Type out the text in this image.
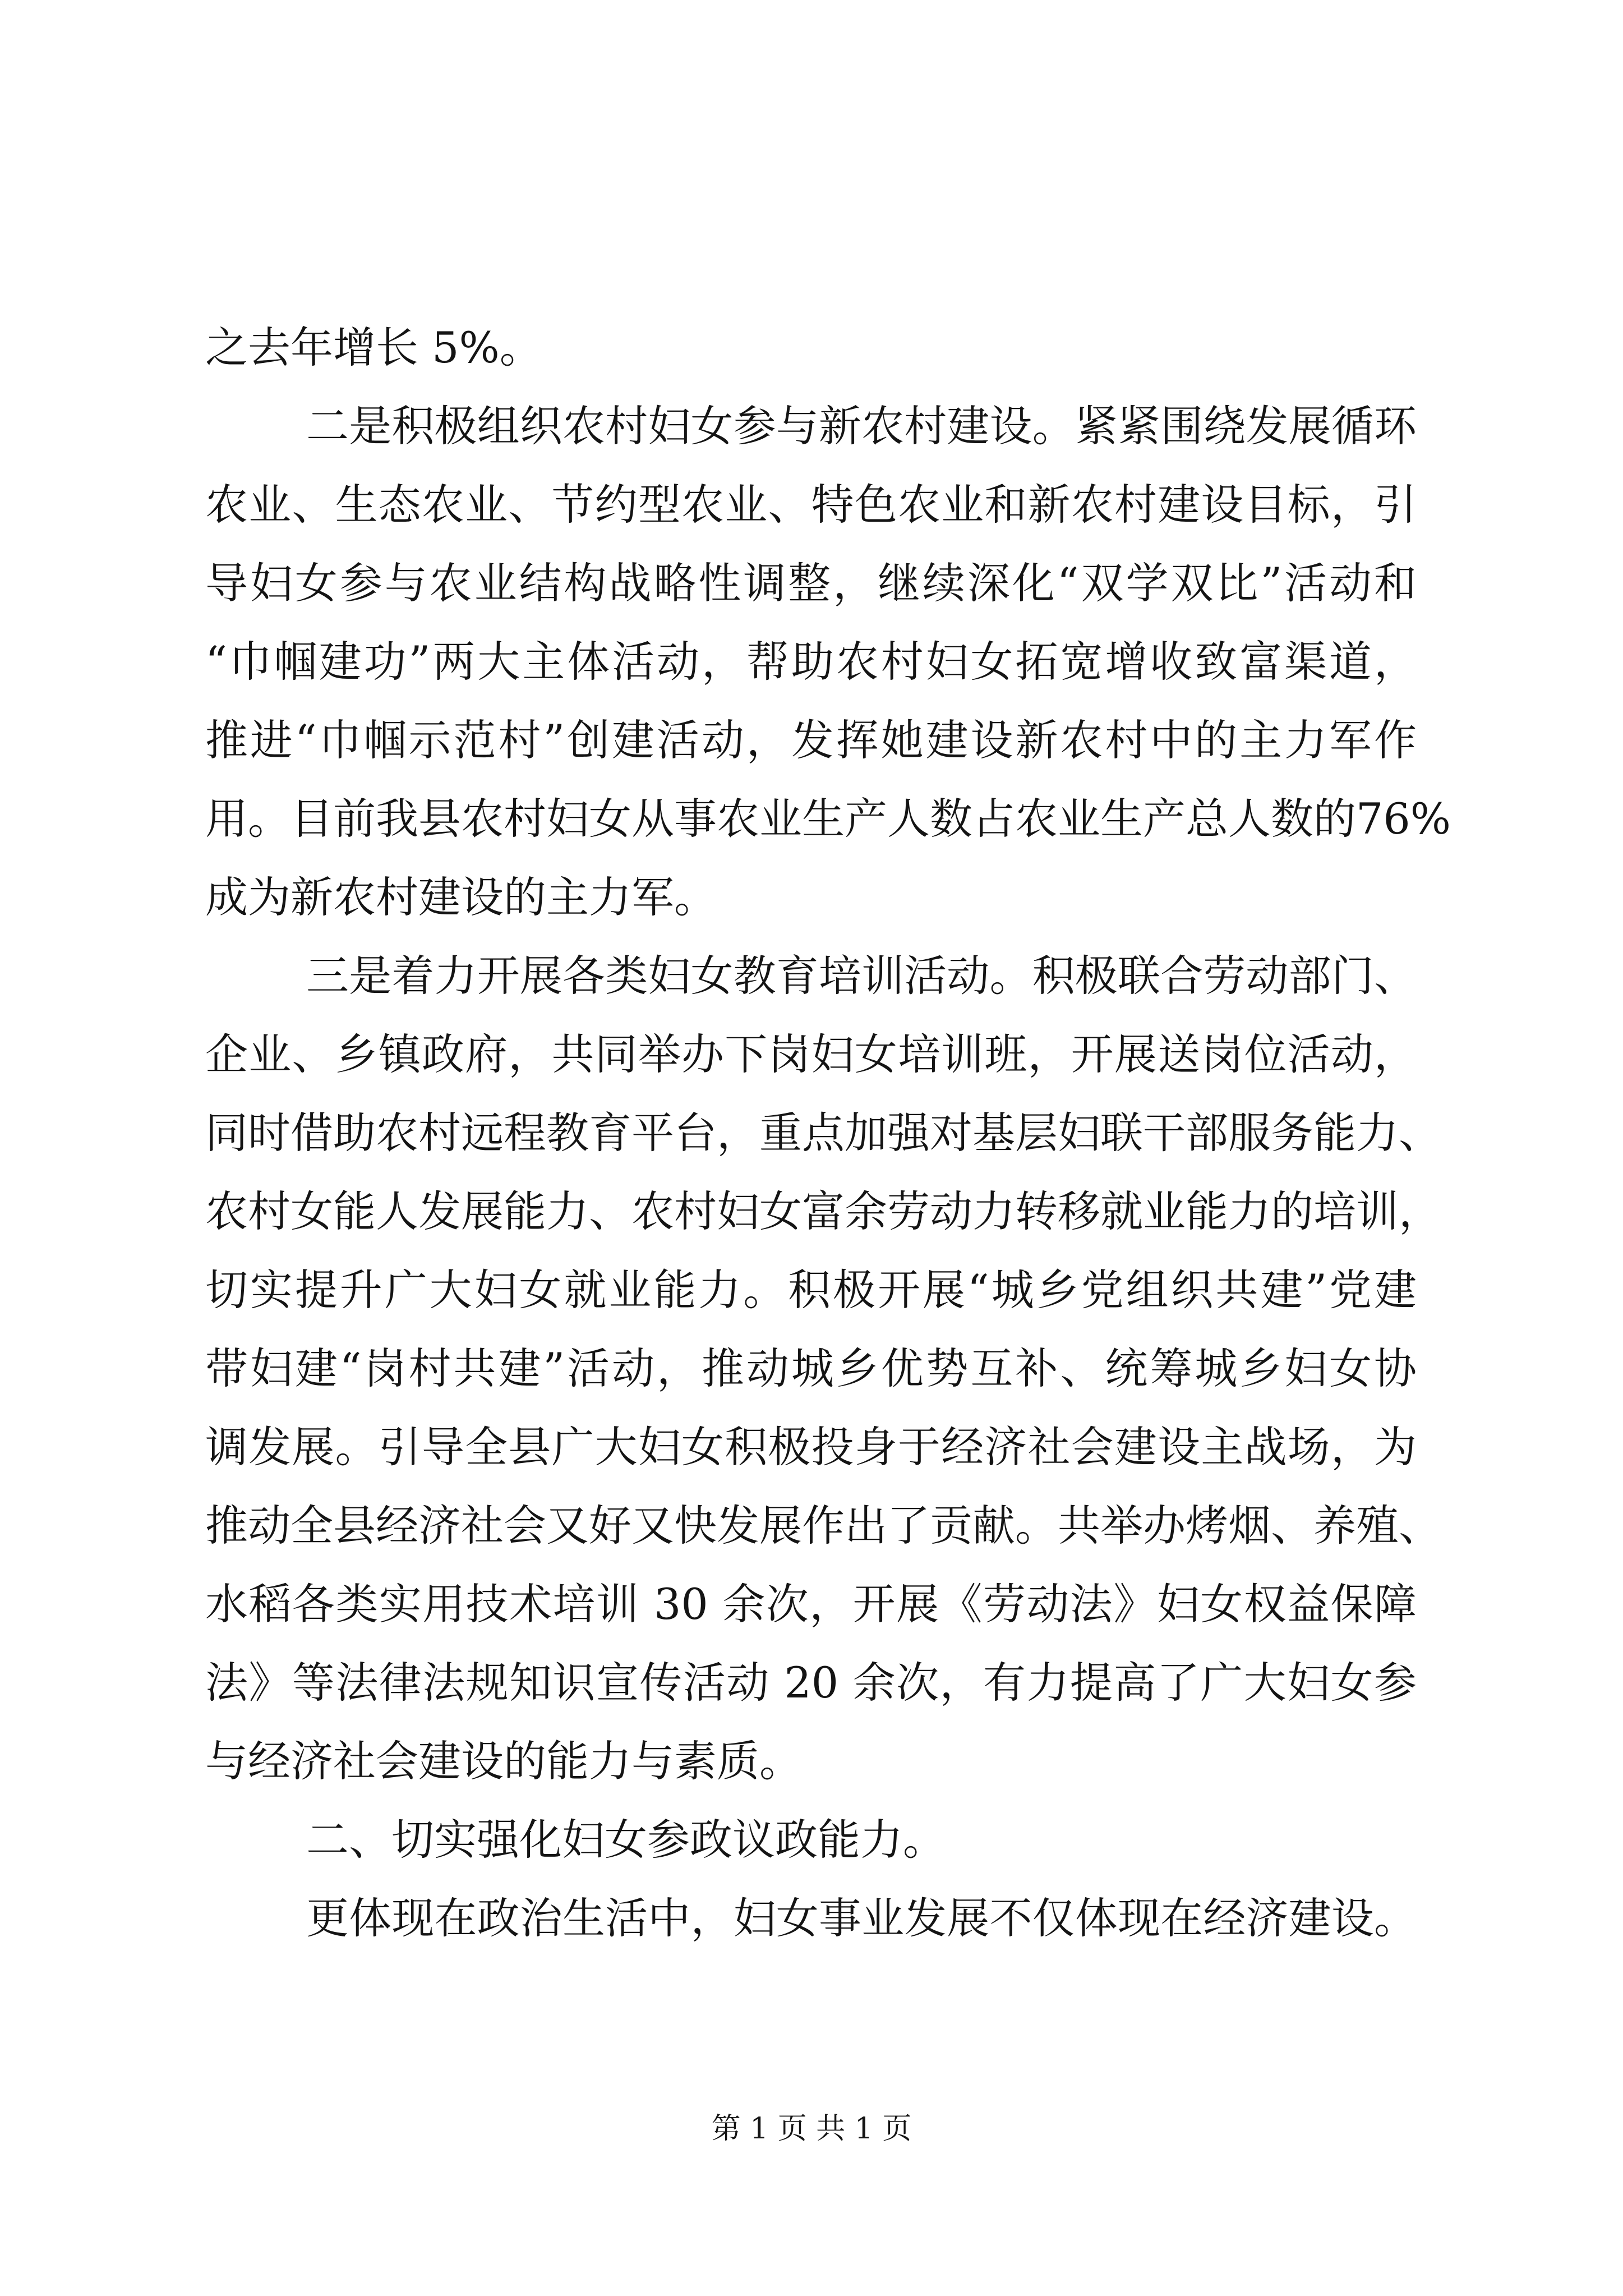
之去年增长 5%。
二是积极组织农村妇女参与新农村建设。紧紧围绕发展循环
农业、生态农业、节约型农业、特色农业和新农村建设目标，引
导妇女参与农业结构战略性调整，继续深化“双学双比”活动和
“巾帼建功”两大主体活动，帮助农村妇女拓宽增收致富渠道，
推进“巾帼示范村”创建活动，发挥她建设新农村中的主力军作
用。目前我县农村妇女从事农业生产人数占农业生产总人数的76%
成为新农村建设的主力军。
三是着力开展各类妇女教育培训活动。积极联合劳动部门、
企业、乡镇政府，共同举办下岗妇女培训班，开展送岗位活动，
同时借助农村远程教育平台，重点加强对基层妇联干部服务能力、
农村女能人发展能力、农村妇女富余劳动力转移就业能力的培训，
切实提升广大妇女就业能力。积极开展“城乡党组织共建”党建
带妇建“岗村共建”活动，推动城乡优势互补、统筹城乡妇女协
调发展。引导全县广大妇女积极投身于经济社会建设主战场，为
推动全县经济社会又好又快发展作出了贡献。共举办烤烟、养殖、
水稻各类实用技术培训 30 余次，开展《劳动法》妇女权益保障
法》等法律法规知识宣传活动 20 余次，有力提高了广大妇女参
与经济社会建设的能力与素质。
二、切实强化妇女参政议政能力。
更体现在政治生活中，妇女事业发展不仅体现在经济建设。
第 1 页 共 1 页
